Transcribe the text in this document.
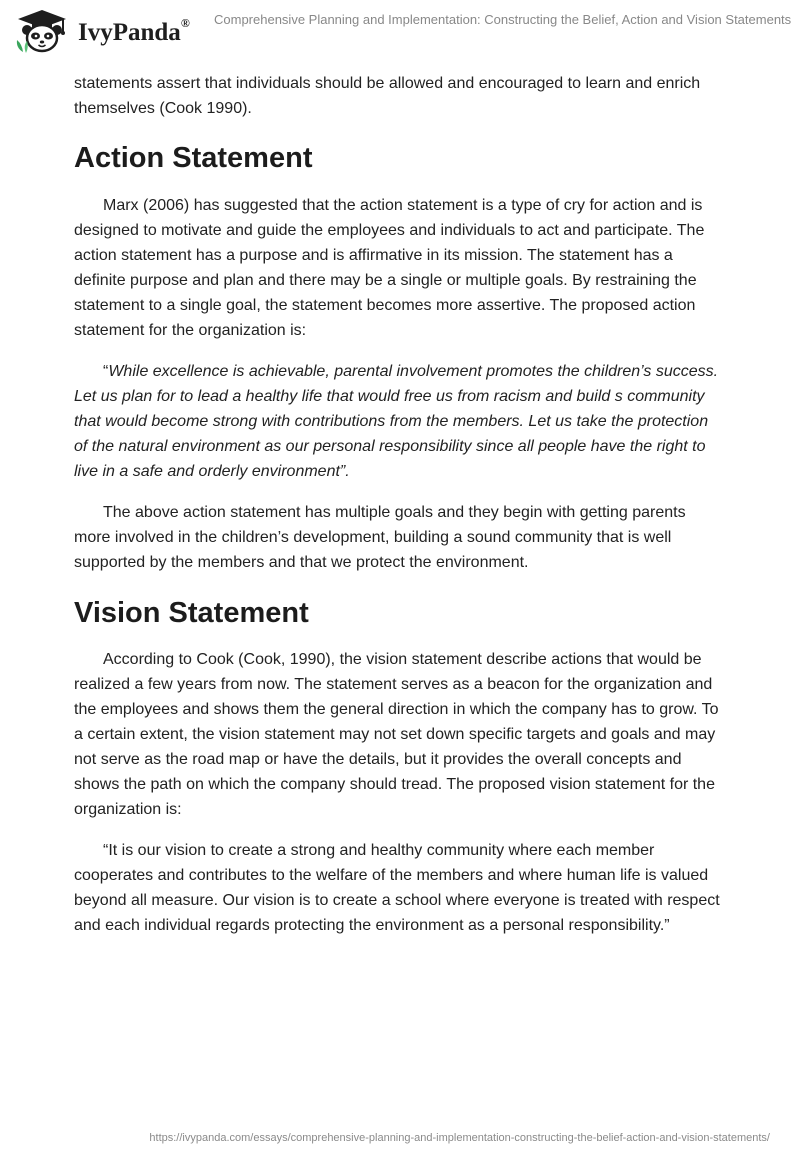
IvyPanda® Comprehensive Planning and Implementation: Constructing the Belief, Action and Vision Statements

statements assert that individuals should be allowed and encouraged to learn and enrich themselves (Cook 1990).

Action Statement

Marx (2006) has suggested that the action statement is a type of cry for action and is designed to motivate and guide the employees and individuals to act and participate. The action statement has a purpose and is affirmative in its mission. The statement has a definite purpose and plan and there may be a single or multiple goals. By restraining the statement to a single goal, the statement becomes more assertive. The proposed action statement for the organization is:

“While excellence is achievable, parental involvement promotes the children’s success. Let us plan for to lead a healthy life that would free us from racism and build s community that would become strong with contributions from the members. Let us take the protection of the natural environment as our personal responsibility since all people have the right to live in a safe and orderly environment”.

The above action statement has multiple goals and they begin with getting parents more involved in the children’s development, building a sound community that is well supported by the members and that we protect the environment.

Vision Statement

According to Cook (Cook, 1990), the vision statement describe actions that would be realized a few years from now. The statement serves as a beacon for the organization and the employees and shows them the general direction in which the company has to grow. To a certain extent, the vision statement may not set down specific targets and goals and may not serve as the road map or have the details, but it provides the overall concepts and shows the path on which the company should tread. The proposed vision statement for the organization is:

“It is our vision to create a strong and healthy community where each member cooperates and contributes to the welfare of the members and where human life is valued beyond all measure. Our vision is to create a school where everyone is treated with respect and each individual regards protecting the environment as a personal responsibility.”

https://ivypanda.com/essays/comprehensive-planning-and-implementation-constructing-the-belief-action-and-vision-statements/
